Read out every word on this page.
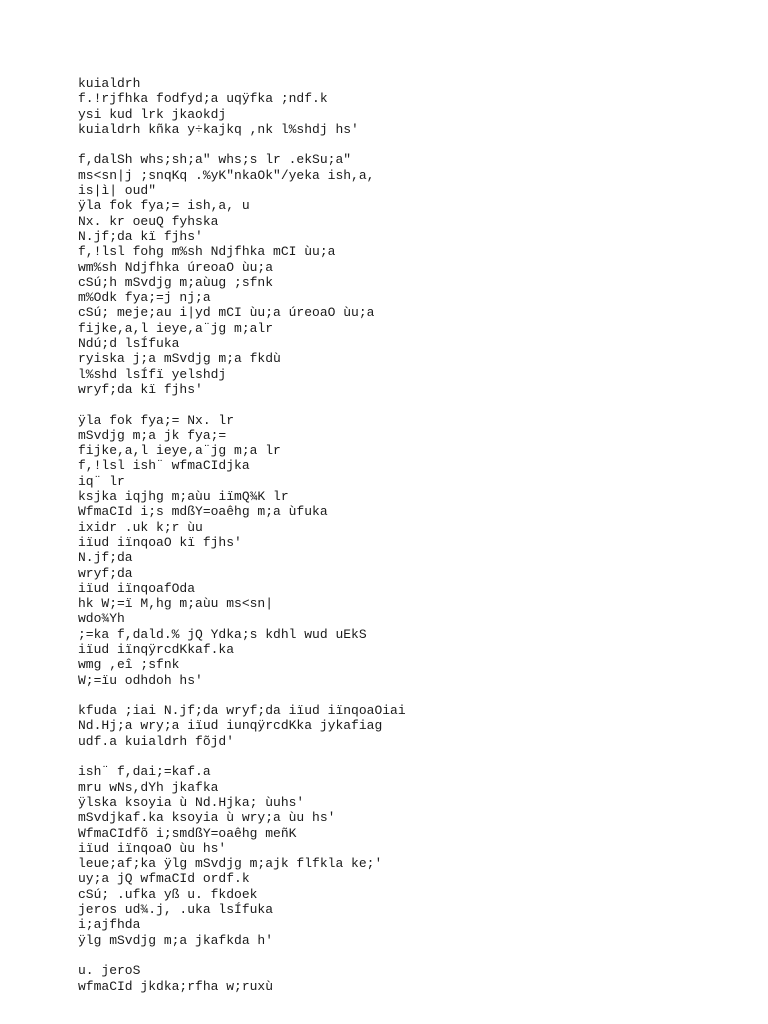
kuialdrh
f.!rjfhka fodfyd;a uqÿfka ;ndf.k
ysi kud lrk jkaokdj
kuialdrh kñka y÷kajkq ,nk l%shdj hs'
f,dalSh whs;sh;a" whs;s lr .ekSu;a"
ms<sn|j ;snqKq .%yK"nkaOk"/yeka ish,a,
is|ì| oud"
ÿla fok fya;= ish,a, u
Nx. kr oeuQ fyhska
N.jf;da kï fjhs'
f,!lsl fohg m%sh Ndjfhka mCI ùu;a
wm%sh Ndjfhka úreoaO ùu;a
cSú;h mSvdjg m;aùug ;sfnk
m%Odk fya;=j nj;a
cSú; meje;au i|yd mCI ùu;a úreoaO ùu;a
fijke,a,l ieye,a¨jg m;alr
Ndú;d lsÍfuka
ryiska j;a mSvdjg m;a fkdù
l%shd lsÍfï yelshdj
wryf;da kï fjhs'
ÿla fok fya;= Nx. lr
mSvdjg m;a jk fya;=
fijke,a,l ieye,a¨jg m;a lr
f,!lsl ish¨ wfmaCIdjka
iq¨ lr
ksjka iqjhg m;aùu iïmQ¾K lr
WfmaCId i;s mdßY=oaêhg m;a ùfuka
ixidr .uk k;r ùu
iïud iïnqoaO kï fjhs'
N.jf;da
wryf;da
iïud iïnqoafOda
hk W;=ï M,hg m;aùu ms<sn|
wdo¾Yh
;=ka f,dald.% jQ Ydka;s kdhl wud uEkS
iïud iïnqÿrcdKkaf.ka
wmg ,eî ;sfnk
W;=ïu odhdoh hs'
kfuda ;iai N.jf;da wryf;da iïud iïnqoaOiai
Nd.Hj;a wry;a iïud iunqÿrcdKka jykafiag
udf.a kuialdrh fõjd'
ish¨ f,dai;=kaf.a
mru wNs,dYh jkafka
ÿlska ksoyia ù Nd.Hjka; ùuhs'
mSvdjkaf.ka ksoyia ù wry;a ùu hs'
WfmaCIdfõ i;smdßY=oaêhg meñK
iïud iïnqoaO ùu hs'
leue;af;ka ÿlg mSvdjg m;ajk flfkla ke;'
uy;a jQ wfmaCId ordf.k
cSú; .ufka yß u. fkdoek
jeros ud¾.j, .uka lsÍfuka
i;ajfhda
ÿlg mSvdjg m;a jkafkda h'
u. jeroS
wfmaCId jkdka;rfha w;ruxù
